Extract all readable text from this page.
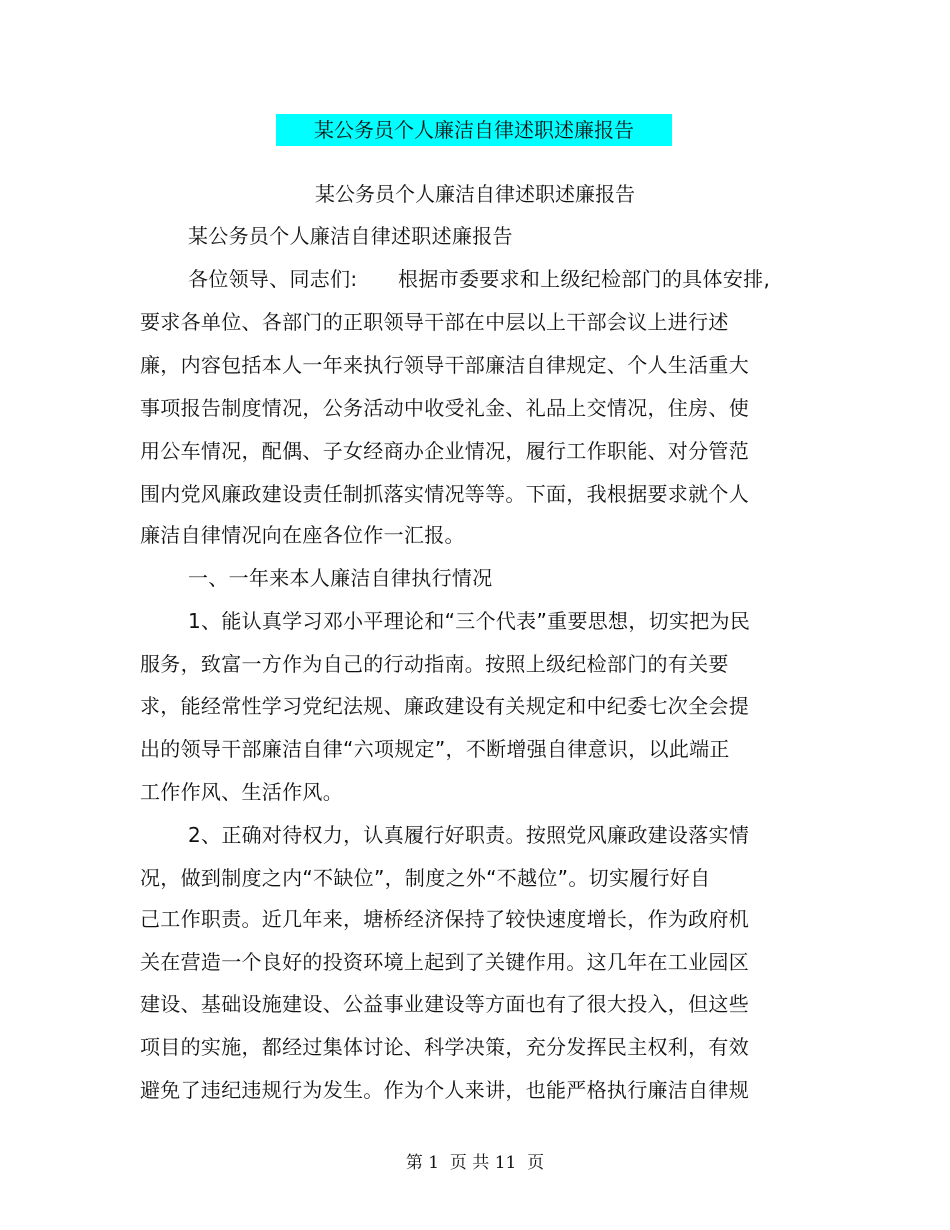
某公务员个人廉洁自律述职述廉报告
某公务员个人廉洁自律述职述廉报告
某公务员个人廉洁自律述职述廉报告
各位领导、同志们:　　根据市委要求和上级纪检部门的具体安排,
要求各单位、各部门的正职领导干部在中层以上干部会议上进行述
廉，内容包括本人一年来执行领导干部廉洁自律规定、个人生活重大
事项报告制度情况，公务活动中收受礼金、礼品上交情况，住房、使
用公车情况，配偶、子女经商办企业情况，履行工作职能、对分管范
围内党风廉政建设责任制抓落实情况等等。下面，我根据要求就个人
廉洁自律情况向在座各位作一汇报。
一、一年来本人廉洁自律执行情况
1、能认真学习邓小平理论和“三个代表”重要思想，切实把为民
服务，致富一方作为自己的行动指南。按照上级纪检部门的有关要
求，能经常性学习党纪法规、廉政建设有关规定和中纪委七次全会提
出的领导干部廉洁自律“六项规定”，不断增强自律意识，以此端正
工作作风、生活作风。
2、正确对待权力，认真履行好职责。按照党风廉政建设落实情
况，做到制度之内“不缺位”，制度之外“不越位”。切实履行好自
己工作职责。近几年来，塘桥经济保持了较快速度增长，作为政府机
关在营造一个良好的投资环境上起到了关键作用。这几年在工业园区
建设、基础设施建设、公益事业建设等方面也有了很大投入，但这些
项目的实施，都经过集体讨论、科学决策，充分发挥民主权利，有效
避免了违纪违规行为发生。作为个人来讲，也能严格执行廉洁自律规
第 1  页 共 11  页
